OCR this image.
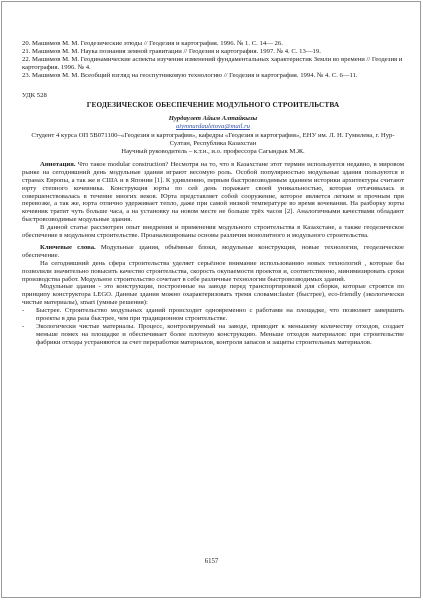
20. Машимов М. М. Геодезические этюды // Геодезия и картография. 1996. № 1. С. 14— 26.

21. Машимов М. М. Наука познания земной гравитации // Геодезия и картография. 1997. № 4. С. 13—19.

22. Машимов М. М. Геодинамические аспекты изучения изменений фундаментальных характеристик Земли во времени // Геодезия и картография. 1996. № 4.

23. Машимов М. М. Всеобщий взгляд на геоспутниковую технологию // Геодезия и картография. 1994. № 4. С. 6—11.

УДК 528

ГЕОДЕЗИЧЕСКОЕ ОБЕСПЕЧЕНИЕ МОДУЛЬНОГО СТРОИТЕЛЬСТВА

Нурдаулет Айым Алтайкызы

aiymnurdauletova@mail.ru

Студент 4 курса ОП 5В071100–«Геодезия и картография», кафедры «Геодезия и картография», ЕНУ им. Л. Н. Гумилева, г. Нур-Султан, Республика Казахстан

Научный руководитель – к.т.н., и.о. профессора Сагындык М.Ж.

Аннотация. Что такое modular construction? Несмотря на то, что в Казахстане этот термин используется недавно, в мировом рынке на сегодняшний день модульные здания играют весомую роль. Особой популярностью модульные здания пользуются в странах Европы, а так же в США и в Японии [1]. К удивлению, первым быстровозводимым зданием историки архитектуры считают юрту степного кочевника. Конструкция юрты по сей день поражает своей уникальностью, которая оттачивалась и совершенствовалась в течение многих веков. Юрта представляет собой сооружение, которое является легким и прочным при перевозке, а так же, юрта отлично удерживает тепло, даже при самой низкой температуре во время кочевания. На разборку юрты кочевник тратит чуть больше часа, а на установку на новом месте не больше трёх часов [2]. Аналогичными качествами обладают быстровозводимые модульные здания.

В данной статье рассмотрен опыт внедрения и применения модульного строительства в Казахстане, а также геодезическое обеспечение в модульном строительстве. Проанализированы основы различия монолитного и модульного строительства.

Ключевые слова. Модульные здания, объёмные блоки, модульные конструкции, новые технологии, геодезическое обеспечение.

На сегодняшний день сфера строительства уделяет серьёзное внимание использованию новых технологий , которые бы позволили значительно повысить качество строительства, скорость окупаемости проектов и, соответственно, минимизировать сроки производства работ. Модульное строительство сочетает в себе различные технологии быстровозводимых зданий.

Модульные здания - это конструкции, построенные на заводе перед транспортировкой для сборки, которые строятся по принципу конструктора LEGO. Данные здания можно охарактеризовать тремя словами:faster (быстрее), eco-friendly (экологически чистые материалы), smart (умные решения):

- Быстрее. Строительство модульных зданий происходит одновременно с работами на площадке, что позволяет завершить проекты в два раза быстрее, чем при традиционном строительстве.
- Экологически чистые материалы. Процесс, контролируемый на заводе, приводит к меньшему количеству отходов, создает меньше помех на площадке и обеспечивает более плотную конструкцию. Меньше отходов материалов: при строительстве фабрики отходы устраняются за счет переработки материалов, контроля запасов и защиты строительных материалов.
6157
